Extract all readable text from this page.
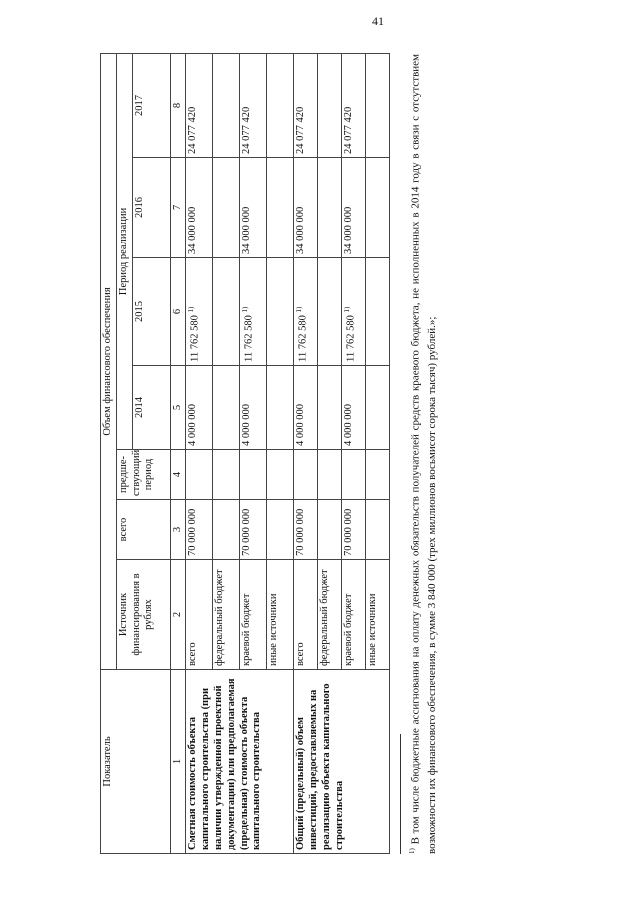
41
Показатель	Объем финансового обеспечения						
	Источник финансирования в рублях	всего	предше-ствующий период	Период реализации			
				2014	2015	2016	2017
1	2	3	4	5	6	7	8
Сметная стоимость объекта капитального строительства (при наличии утвержденной проектной документации) или предполагаемая (предельная) стоимость объекта капитального строительства	всего	70 000 000		4 000 000	11 762 580 $^{1)}$	34 000 000	24 077 420
	федеральный бюджет						
	краевой бюджет	70 000 000		4 000 000	11 762 580 $^{1)}$	34 000 000	24 077 420
	иные источники						
Общий (предельный) объем инвестиций, предоставляемых на реализацию объекта капитального строительства	всего	70 000 000		4 000 000	11 762 580 $^{1)}$	34 000 000	24 077 420
	федеральный бюджет						
	краевой бюджет	70 000 000		4 000 000	11 762 580 $^{1)}$	34 000 000	24 077 420
	иные источники						
$^{1)}$ В том числе бюджетные ассигнования на оплату денежных обязательств получателей средств краевого бюджета, не исполненных в 2014 году в связи с отсутствием возможности их финансового обеспечения, в сумме 3 840 000 (трех миллионов восьмисот сорока тысяч) рублей.»;
